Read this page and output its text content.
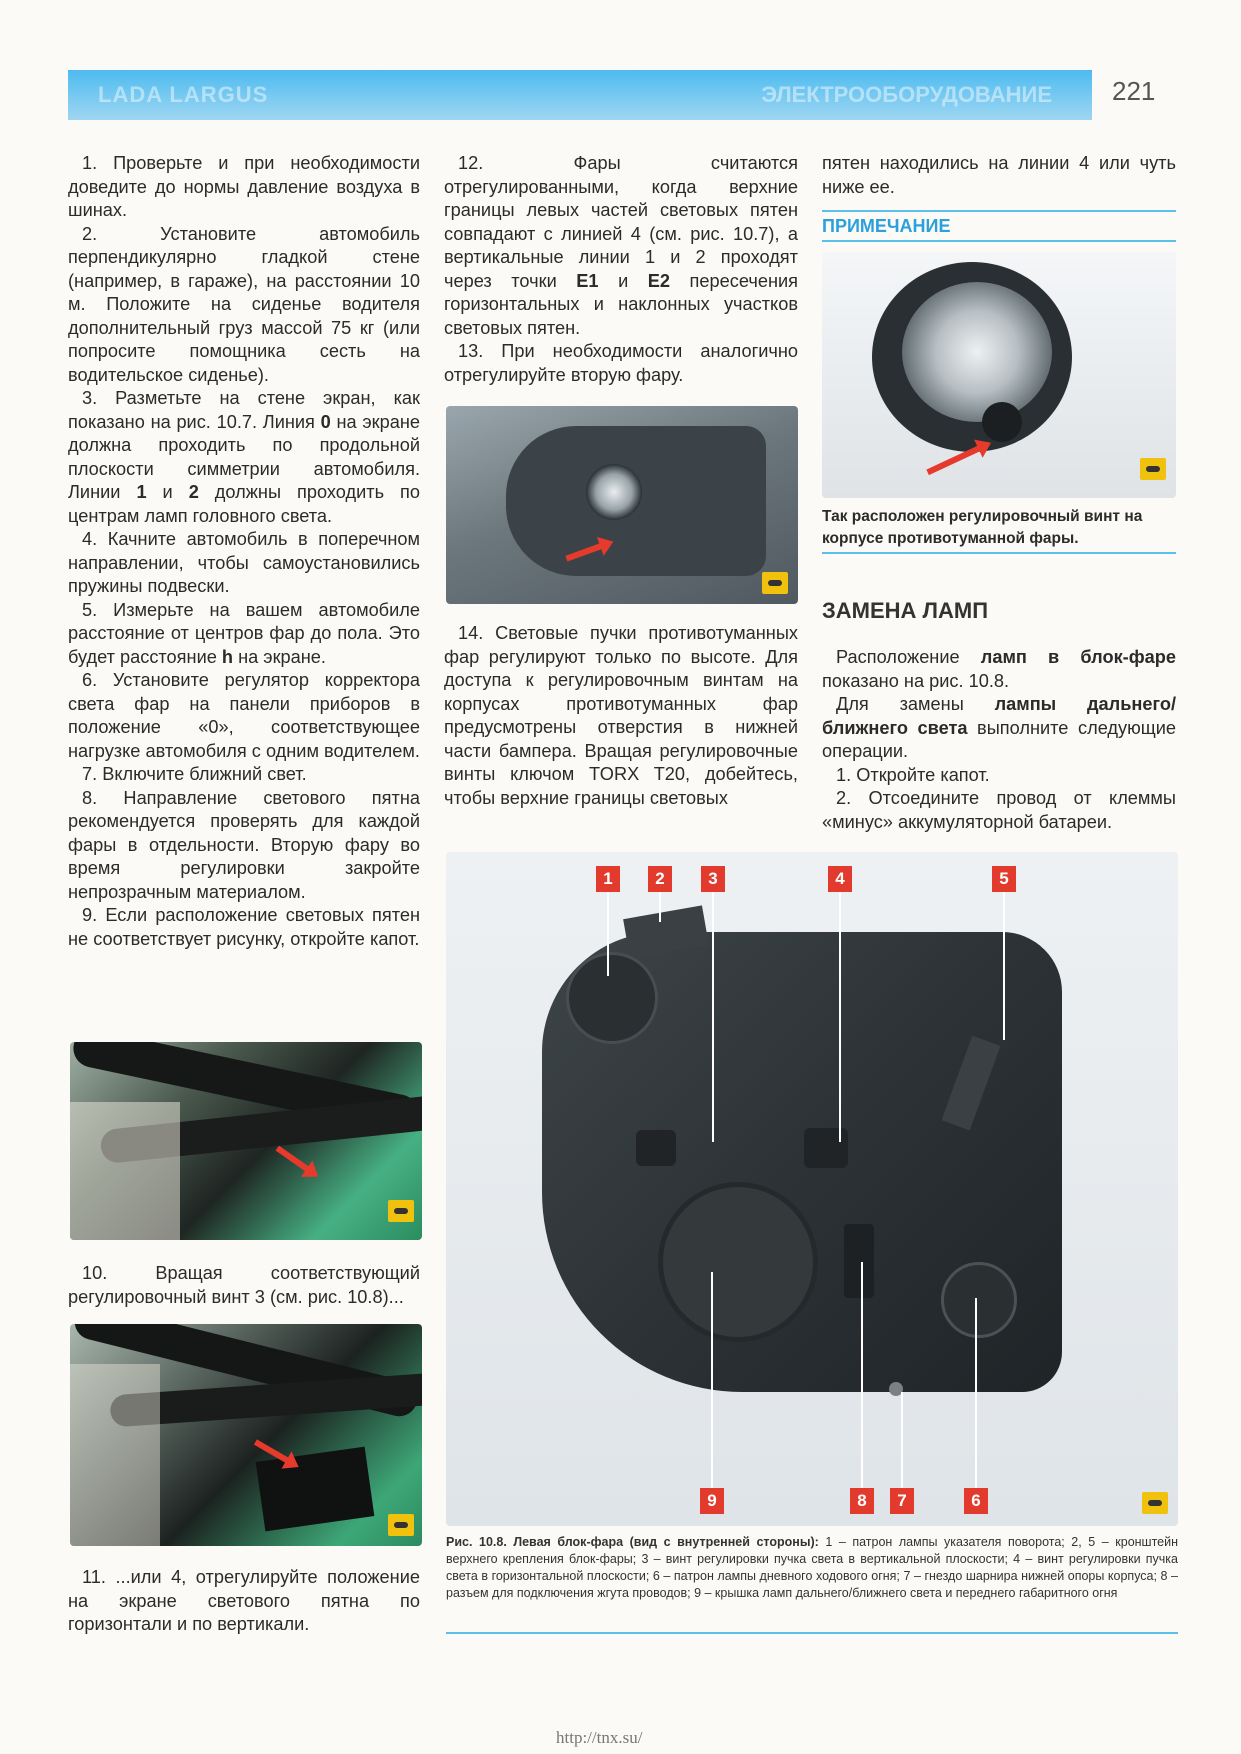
LADA LARGUS	ЭЛЕКТРООБОРУДОВАНИЕ 221

1. Проверьте и при необходимости доведите до нормы давление воздуха в шинах.

2. Установите автомобиль перпендикулярно гладкой стене (например, в гараже), на расстоянии 10 м. Положите на сиденье водителя дополнительный груз массой 75 кг (или попросите помощника сесть на водительское сиденье).

3. Разметьте на стене экран, как показано на рис. 10.7. Линия 0 на экране должна проходить по продольной плоскости симметрии автомобиля. Линии 1 и 2 должны проходить по центрам ламп головного света.

4. Качните автомобиль в поперечном направлении, чтобы самоустановились пружины подвески.

5. Измерьте на вашем автомобиле расстояние от центров фар до пола. Это будет расстояние h на экране.

6. Установите регулятор корректора света фар на панели приборов в положение «0», соответствующее нагрузке автомобиля с одним водителем.

7. Включите ближний свет.

8. Направление светового пятна рекомендуется проверять для каждой фары в отдельности. Вторую фару во время регулировки закройте непрозрачным материалом.

9. Если расположение световых пятен не соответствует рисунку, откройте капот.

10. Вращая соответствующий регулировочный винт 3 (см. рис. 10.8)...

11. ...или 4, отрегулируйте положение на экране светового пятна по горизонтали и по вертикали.

12. Фары считаются отрегулированными, когда верхние границы левых частей световых пятен совпадают с линией 4 (см. рис. 10.7), а вертикальные линии 1 и 2 проходят через точки E1 и E2 пересечения горизонтальных и наклонных участков световых пятен.

13. При необходимости аналогично отрегулируйте вторую фару.

14. Световые пучки противотуманных фар регулируют только по высоте. Для доступа к регулировочным винтам на корпусах противотуманных фар предусмотрены отверстия в нижней части бампера. Вращая регулировочные винты ключом TORX T20, добейтесь, чтобы верхние границы световых

пятен находились на линии 4 или чуть ниже ее.

ПРИМЕЧАНИЕ
Так расположен регулировочный винт на корпусе противотуманной фары.
ЗАМЕНА ЛАМП

Расположение ламп в блок-фаре показано на рис. 10.8.

Для замены лампы дальнего/ближнего света выполните следующие операции.

1. Откройте капот.

2. Отсоедините провод от клеммы «минус» аккумуляторной батареи.

1	2	3	4	5
9	8	7	6
Рис. 10.8. Левая блок-фара (вид с внутренней стороны): 1 – патрон лампы указателя поворота; 2, 5 – кронштейн верхнего крепления блок-фары; 3 – винт регулировки пучка света в вертикальной плоскости; 4 – винт регулировки пучка света в горизонтальной плоскости; 6 – патрон лампы дневного ходового огня; 7 – гнездо шарнира нижней опоры корпуса; 8 – разъем для подключения жгута проводов; 9 – крышка ламп дальнего/ближнего света и переднего габаритного огня
http://tnx.su/
